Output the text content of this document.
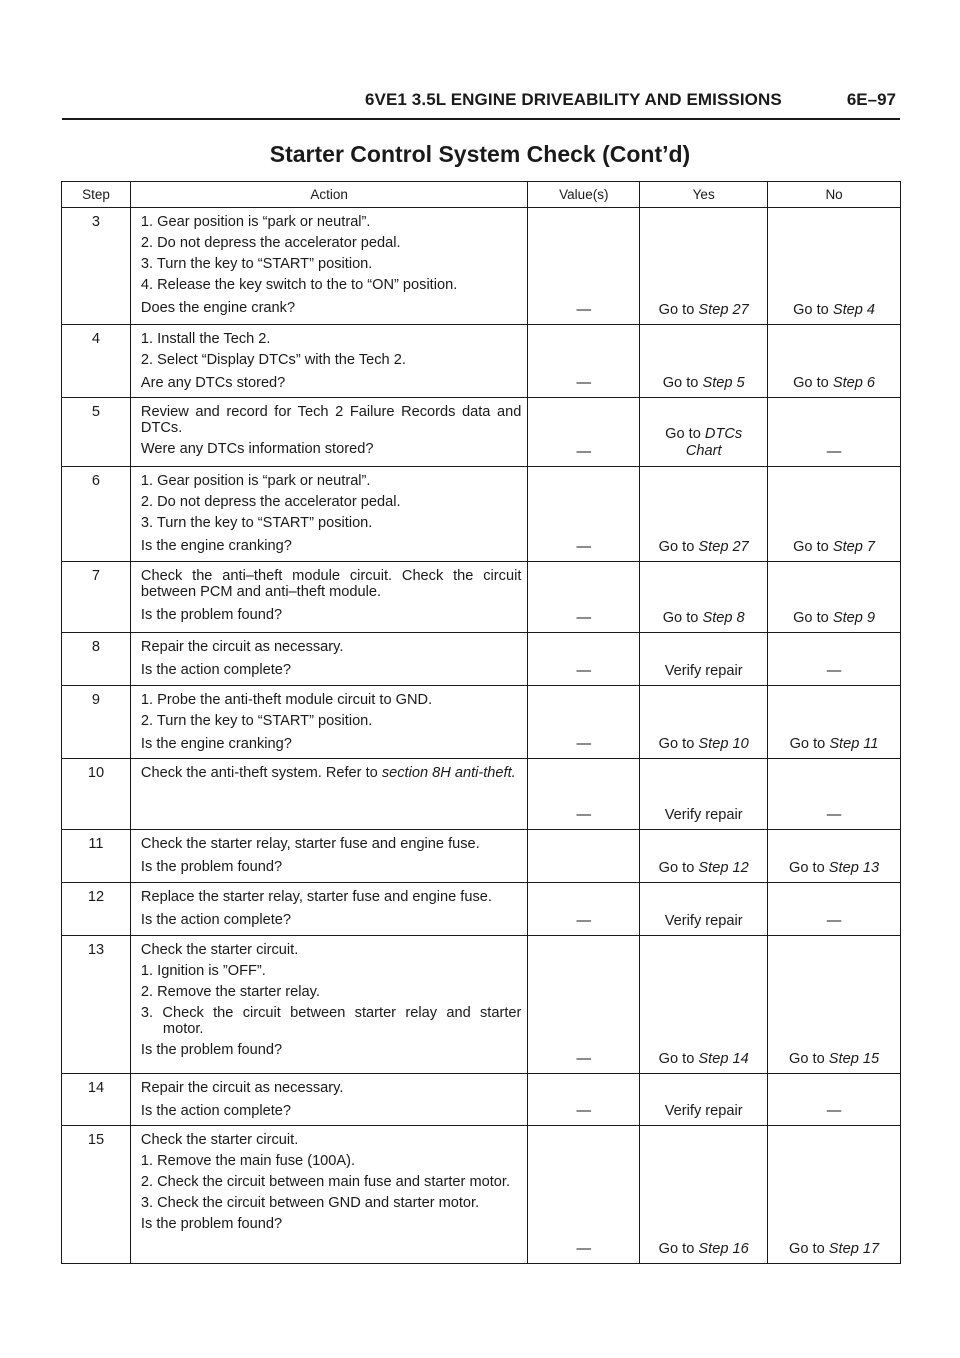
6VE1 3.5L ENGINE DRIVEABILITY AND EMISSIONS	6E–97
Starter Control System Check (Cont’d)
Step	Action	Value(s)	Yes	No
3	1. Gear position is “park or neutral”.
2. Do not depress the accelerator pedal.
3. Turn the key to “START” position.
4. Release the key switch to the to “ON” position.
Does the engine crank?	—	Go to Step 27	Go to Step 4
4	1. Install the Tech 2.
2. Select “Display DTCs” with the Tech 2.
Are any DTCs stored?	—	Go to Step 5	Go to Step 6
5	Review and record for Tech 2 Failure Records data and DTCs.
Were any DTCs information stored?	—	Go to DTCs Chart	—
6	1. Gear position is “park or neutral”.
2. Do not depress the accelerator pedal.
3. Turn the key to “START” position.
Is the engine cranking?	—	Go to Step 27	Go to Step 7
7	Check the anti–theft module circuit. Check the circuit between PCM and anti–theft module.
Is the problem found?	—	Go to Step 8	Go to Step 9
8	Repair the circuit as necessary.
Is the action complete?	—	Verify repair	—
9	1. Probe the anti-theft module circuit to GND.
2. Turn the key to “START” position.
Is the engine cranking?	—	Go to Step 10	Go to Step 11
10	Check the anti-theft system. Refer to section 8H anti-theft.	—	Verify repair	—
11	Check the starter relay, starter fuse and engine fuse.
Is the problem found?		Go to Step 12	Go to Step 13
12	Replace the starter relay, starter fuse and engine fuse.
Is the action complete?	—	Verify repair	—
13	Check the starter circuit.
1. Ignition is ”OFF”.
2. Remove the starter relay.
3. Check the circuit between starter relay and starter motor.
Is the problem found?	—	Go to Step 14	Go to Step 15
14	Repair the circuit as necessary.
Is the action complete?	—	Verify repair	—
15	Check the starter circuit.
1. Remove the main fuse (100A).
2. Check the circuit between main fuse and starter motor.
3. Check the circuit between GND and starter motor.
Is the problem found?	—	Go to Step 16	Go to Step 17
